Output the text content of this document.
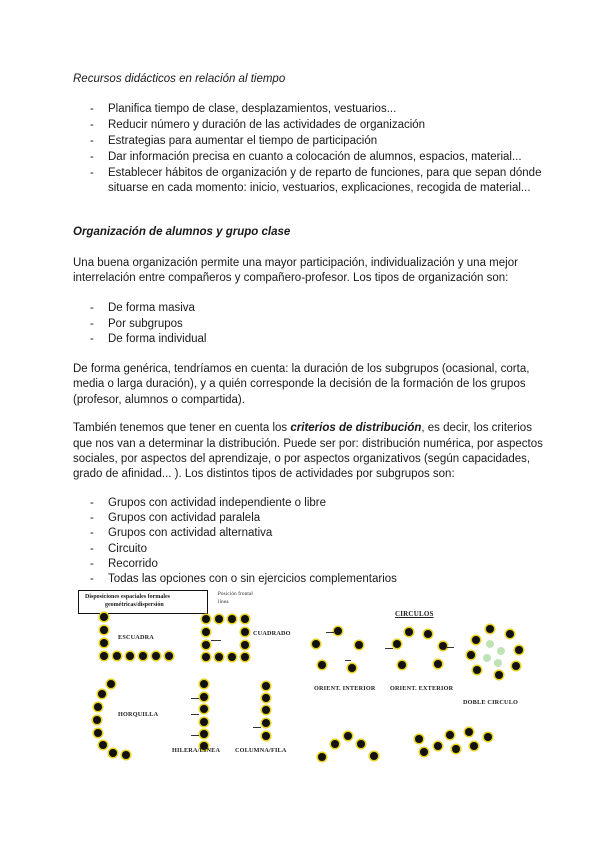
Recursos didácticos en relación al tiempo
- Planifica tiempo de clase, desplazamientos, vestuarios...
- Reducir número y duración de las actividades de organización
- Estrategias para aumentar el tiempo de participación
- Dar información precisa en cuanto a colocación de alumnos, espacios, material...
- Establecer hábitos de organización y de reparto de funciones, para que sepan dónde
situarse en cada momento: inicio, vestuarios, explicaciones, recogida de material...
Organización de alumnos y grupo clase
Una buena organización permite una mayor participación, individualización y una mejor
interrelación entre compañeros y compañero-profesor. Los tipos de organización son:
- De forma masiva
- Por subgrupos
- De forma individual
De forma genérica, tendríamos en cuenta: la duración de los subgrupos (ocasional, corta,
media o larga duración), y a quién corresponde la decisión de la formación de los grupos
(profesor, alumnos o compartida).
También tenemos que tener en cuenta los criterios de distribución, es decir, los criterios
que nos van a determinar la distribución. Puede ser por: distribución numérica, por aspectos
sociales, por aspectos del aprendizaje, o por aspectos organizativos (según capacidades,
grado de afinidad... ). Los distintos tipos de actividades por subgrupos son:
- Grupos con actividad independiente o libre
- Grupos con actividad paralela
- Grupos con actividad alternativa
- Circuito
- Recorrido
- Todas las opciones con o sin ejercicios complementarios
Disposiciones espaciales formales
geométricas/dispersión
Posición frontal
línea
ESCUADRA
CUADRADO
CIRCULOS
ORIENT. INTERIOR ORIENT. EXTERIOR
DOBLE CIRCULO
HORQUILLA
HILERA/LÍNEA COLUMNA/FILA
